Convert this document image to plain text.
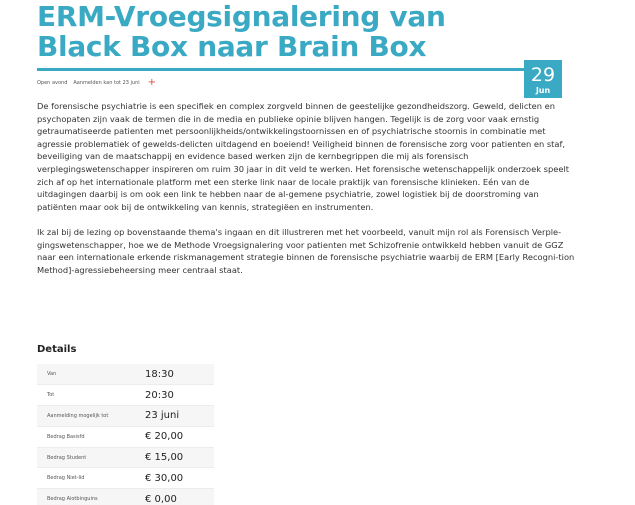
ERM-Vroegsignalering van Black Box naar Brain Box
29
Jun
Open avond Aanmelden kan tot 23 juni +

De forensische psychiatrie is een specifiek en complex zorgveld binnen de geestelijke gezondheidszorg. Geweld, delicten en psychopaten zijn vaak de termen die in de media en publieke opinie blijven hangen. Tegelijk is de zorg voor vaak ernstig getraumatiseerde patienten met persoonlijkheids/ontwikkelingstoornissen en of psychiatrische stoornis in combinatie met agressie problematiek of gewelds-delicten uitdagend en boeiend! Veiligheid binnen de forensische zorg voor patienten en staf, beveiliging van de maatschappij en evidence based werken zijn de kernbegrippen die mij als forensisch verplegingswetenschapper inspireren om ruim 30 jaar in dit veld te werken. Het forensische wetenschappelijk onderzoek speelt zich af op het internationale platform met een sterke link naar de locale praktijk van forensische klinieken. Eén van de uitdagingen daarbij is om ook een link te hebben naar de al-gemene psychiatrie, zowel logistiek bij de doorstroming van patiënten maar ook bij de ontwikkeling van kennis, strategiëen en instrumenten.

Ik zal bij de lezing op bovenstaande thema's ingaan en dit illustreren met het voorbeeld, vanuit mijn rol als Forensisch Verple-gingswetenschapper, hoe we de Methode Vroegsignalering voor patienten met Schizofrenie ontwikkeld hebben vanuit de GGZ naar een internationale erkende riskmanagement strategie binnen de forensische psychiatrie waarbij de ERM [Early Recogni-tion Method]-agressiebeheersing meer centraal staat.

Details
Van	18:30
Tot	20:30
Aanmelding mogelijk tot	23 juni
Bedrag Basisfd	€ 20,00
Bedrag Student	€ 15,00
Bedrag Niet-lid	€ 30,00
Bedrag Aiotbinguins	€ 0,00
